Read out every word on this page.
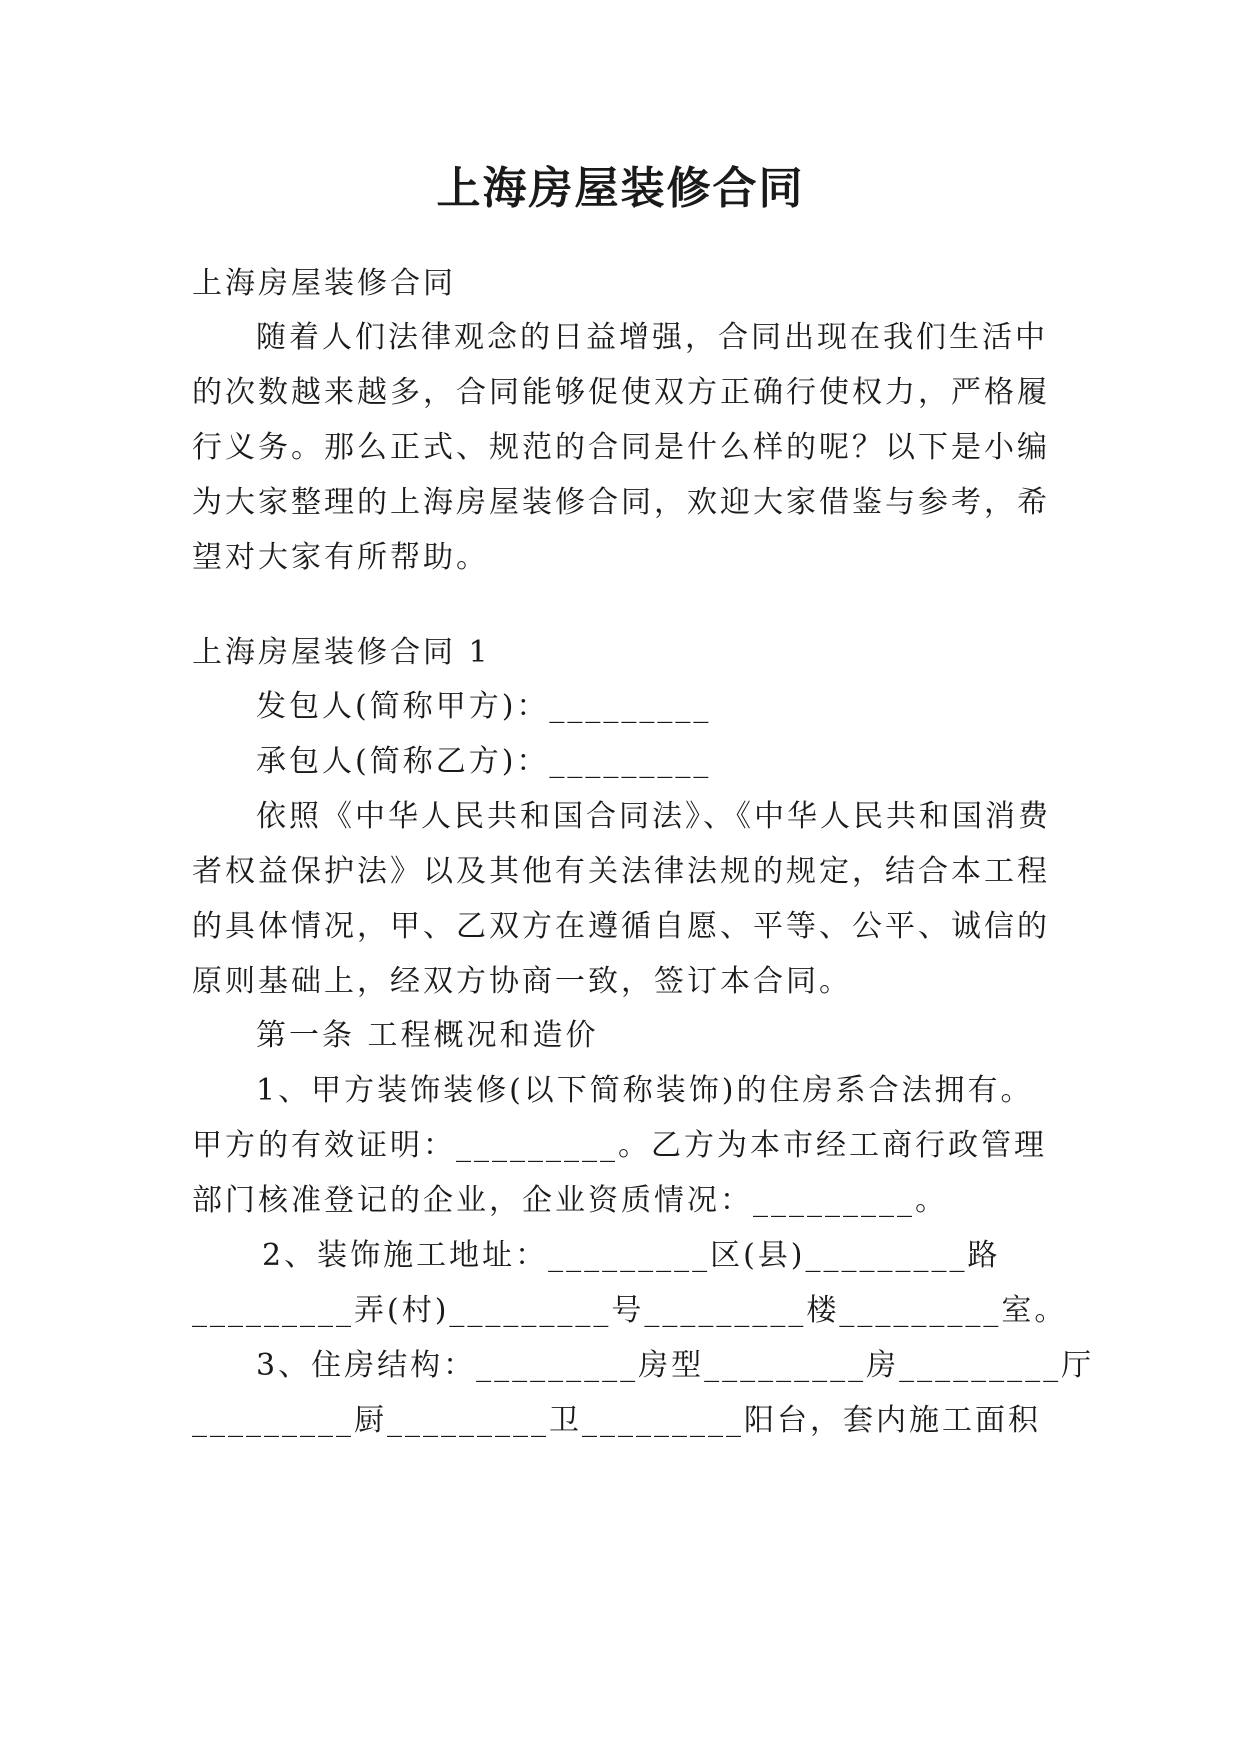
上海房屋装修合同

上海房屋装修合同

随着人们法律观念的日益增强，合同出现在我们生活中

的次数越来越多，合同能够促使双方正确行使权力，严格履

行义务。那么正式、规范的合同是什么样的呢？以下是小编

为大家整理的上海房屋装修合同，欢迎大家借鉴与参考，希

望对大家有所帮助。

上海房屋装修合同 1

发包人(简称甲方)：_________

承包人(简称乙方)：_________

依照《中华人民共和国合同法》、《中华人民共和国消费

者权益保护法》以及其他有关法律法规的规定，结合本工程

的具体情况，甲、乙双方在遵循自愿、平等、公平、诚信的

原则基础上，经双方协商一致，签订本合同。

第一条 工程概况和造价

1、甲方装饰装修(以下简称装饰)的住房系合法拥有。

甲方的有效证明：_________。乙方为本市经工商行政管理

部门核准登记的企业，企业资质情况：_________。

2、装饰施工地址：_________区(县)_________路

_________弄(村)_________号_________楼_________室。

3、住房结构：_________房型_________房_________厅

_________厨_________卫_________阳台，套内施工面积
